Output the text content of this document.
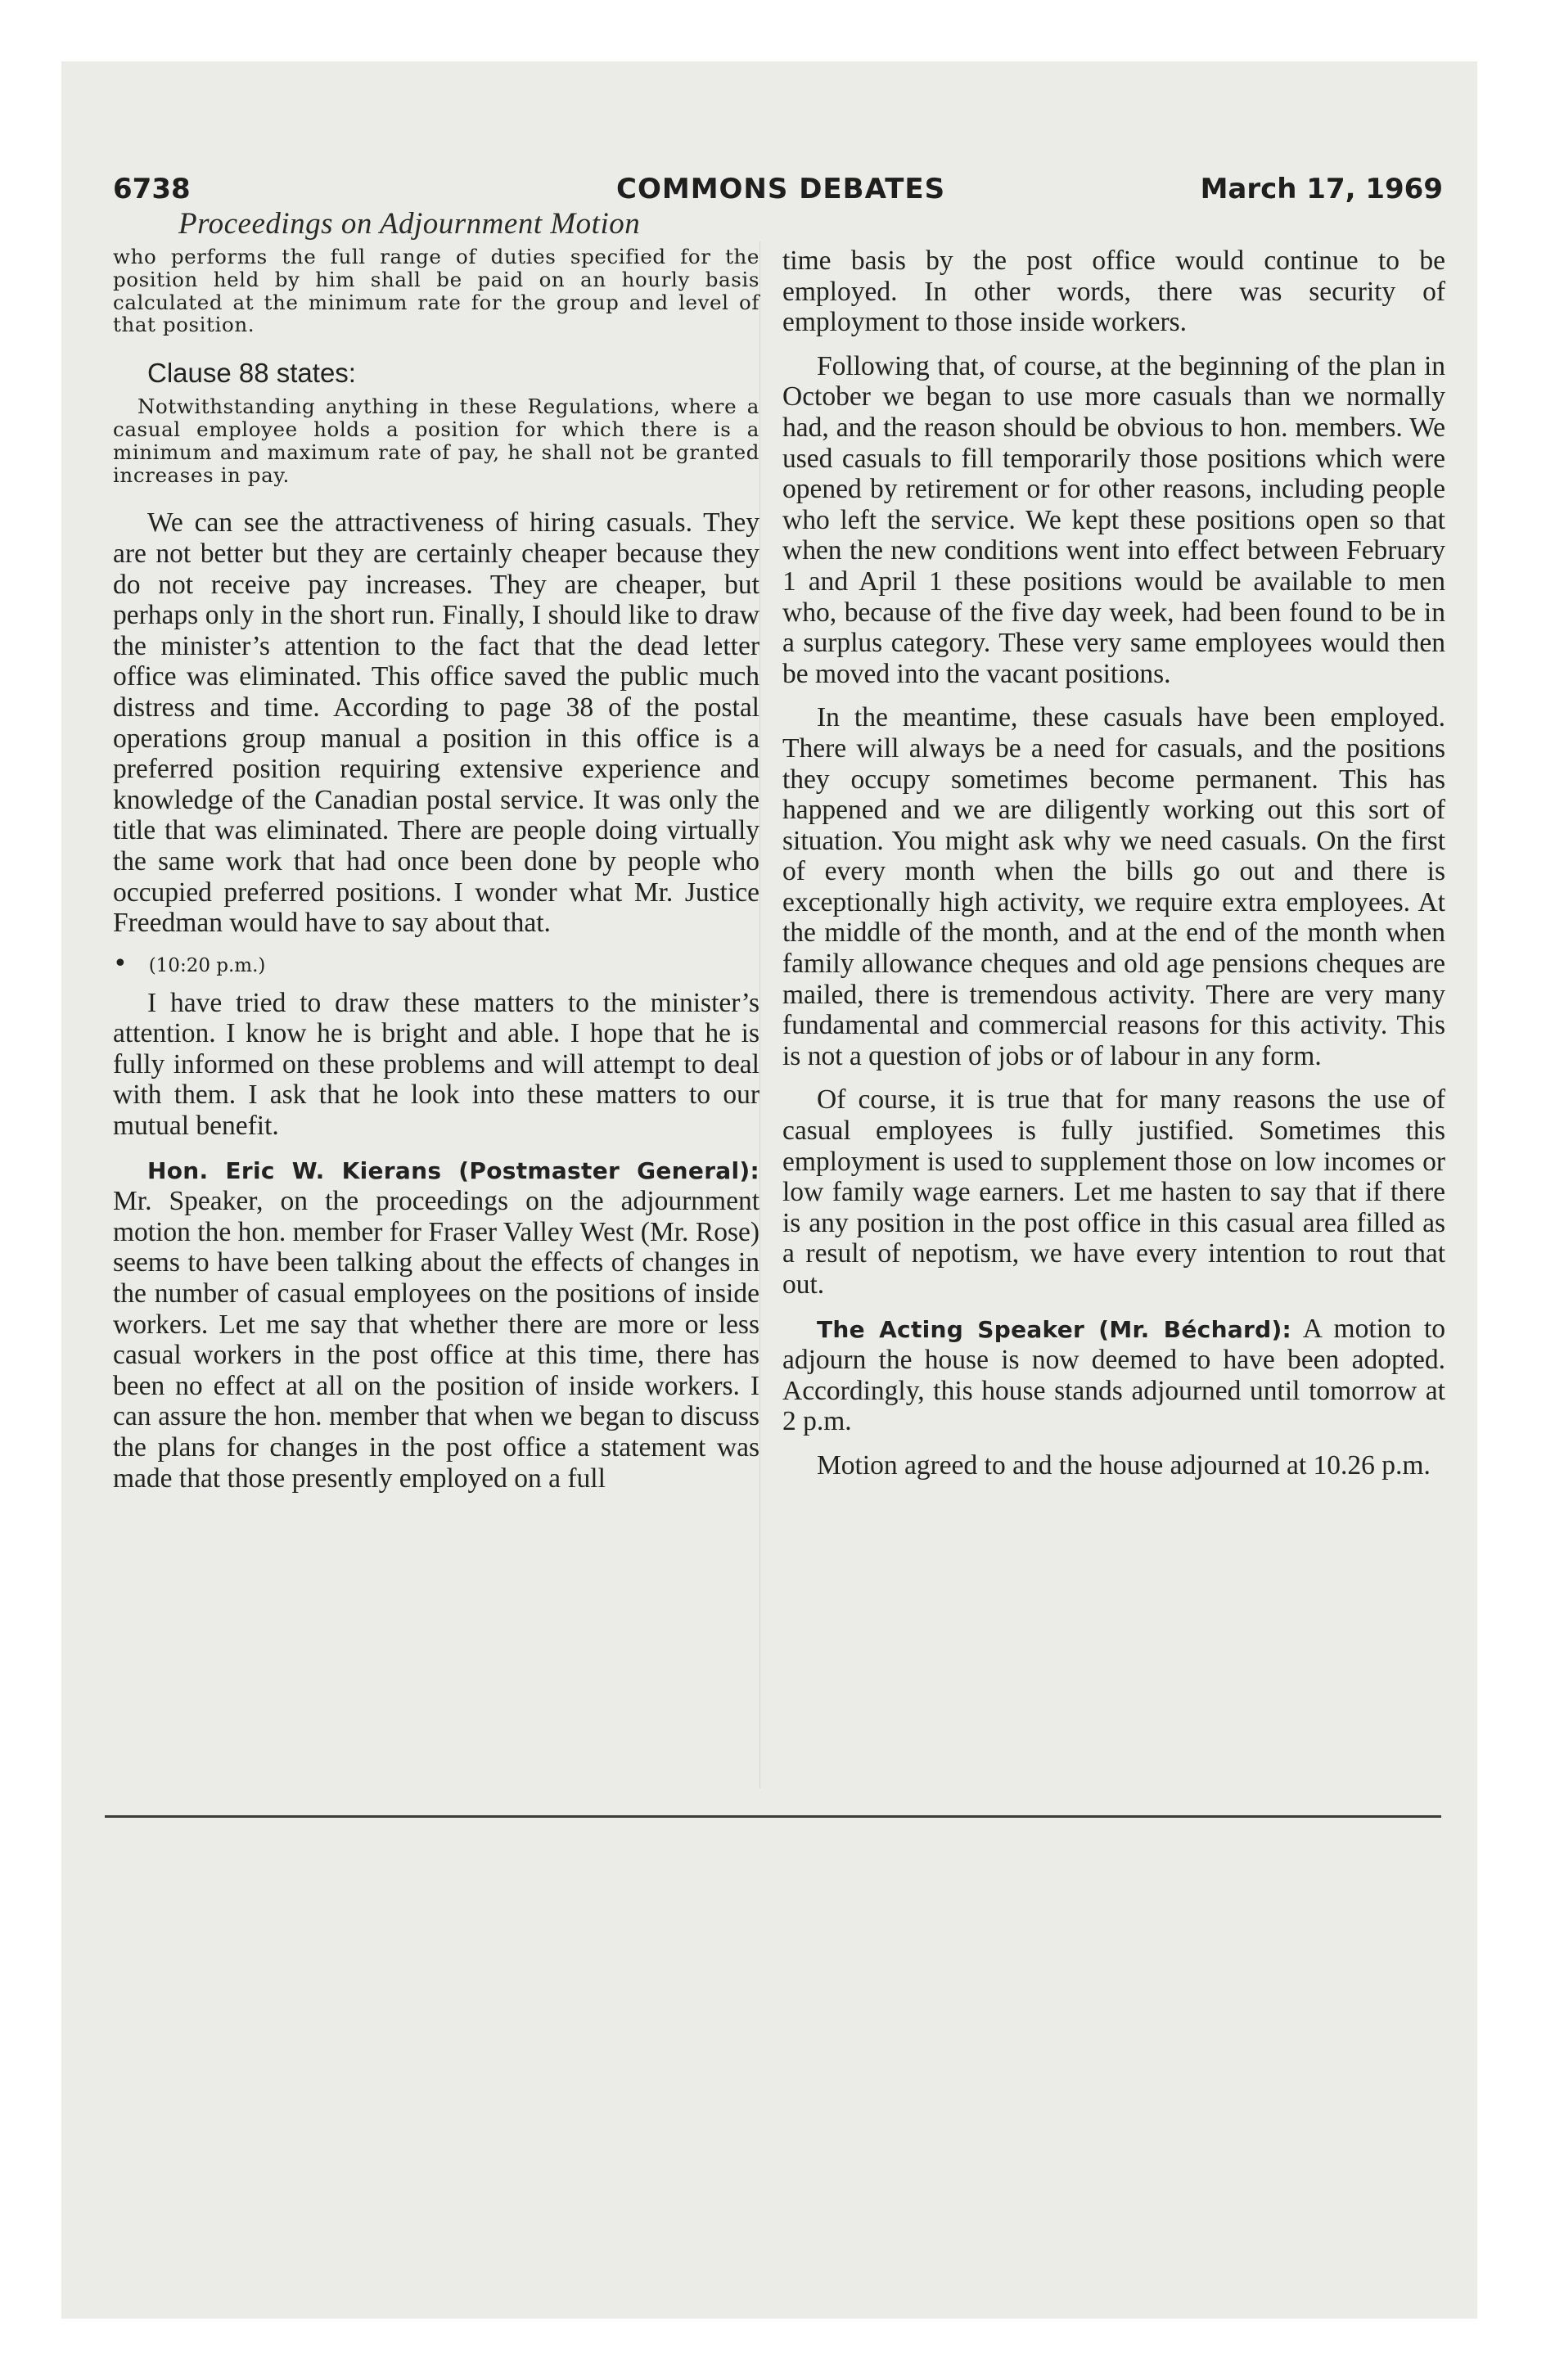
6738	COMMONS DEBATES	March 17, 1969
Proceedings on Adjournment Motion

who performs the full range of duties specified for the position held by him shall be paid on an hourly basis calculated at the minimum rate for the group and level of that position.

Clause 88 states:

Notwithstanding anything in these Regulations, where a casual employee holds a position for which there is a minimum and maximum rate of pay, he shall not be granted increases in pay.

We can see the attractiveness of hiring casuals. They are not better but they are certainly cheaper because they do not receive pay increases. They are cheaper, but perhaps only in the short run. Finally, I should like to draw the minister’s attention to the fact that the dead letter office was eliminated. This office saved the public much distress and time. According to page 38 of the postal operations group manual a position in this office is a preferred position requiring extensive experience and knowledge of the Canadian postal service. It was only the title that was eliminated. There are people doing virtually the same work that had once been done by people who occupied preferred positions. I wonder what Mr. Justice Freedman would have to say about that.

• (10:20 p.m.)

I have tried to draw these matters to the minister’s attention. I know he is bright and able. I hope that he is fully informed on these problems and will attempt to deal with them. I ask that he look into these matters to our mutual benefit.

Hon. Eric W. Kierans (Postmaster General): Mr. Speaker, on the proceedings on the adjournment motion the hon. member for Fraser Valley West (Mr. Rose) seems to have been talking about the effects of changes in the number of casual employees on the positions of inside workers. Let me say that whether there are more or less casual workers in the post office at this time, there has been no effect at all on the position of inside workers. I can assure the hon. member that when we began to discuss the plans for changes in the post office a statement was made that those presently employed on a full

time basis by the post office would continue to be employed. In other words, there was security of employment to those inside workers.

Following that, of course, at the beginning of the plan in October we began to use more casuals than we normally had, and the reason should be obvious to hon. members. We used casuals to fill temporarily those positions which were opened by retirement or for other reasons, including people who left the service. We kept these positions open so that when the new conditions went into effect between February 1 and April 1 these positions would be available to men who, because of the five day week, had been found to be in a surplus category. These very same employees would then be moved into the vacant positions.

In the meantime, these casuals have been employed. There will always be a need for casuals, and the positions they occupy sometimes become permanent. This has happened and we are diligently working out this sort of situation. You might ask why we need casuals. On the first of every month when the bills go out and there is exceptionally high activity, we require extra employees. At the middle of the month, and at the end of the month when family allowance cheques and old age pensions cheques are mailed, there is tremendous activity. There are very many fundamental and commercial reasons for this activity. This is not a question of jobs or of labour in any form.

Of course, it is true that for many reasons the use of casual employees is fully justified. Sometimes this employment is used to supplement those on low incomes or low family wage earners. Let me hasten to say that if there is any position in the post office in this casual area filled as a result of nepotism, we have every intention to rout that out.

The Acting Speaker (Mr. Béchard): A motion to adjourn the house is now deemed to have been adopted. Accordingly, this house stands adjourned until tomorrow at 2 p.m.

Motion agreed to and the house adjourned at 10.26 p.m.
